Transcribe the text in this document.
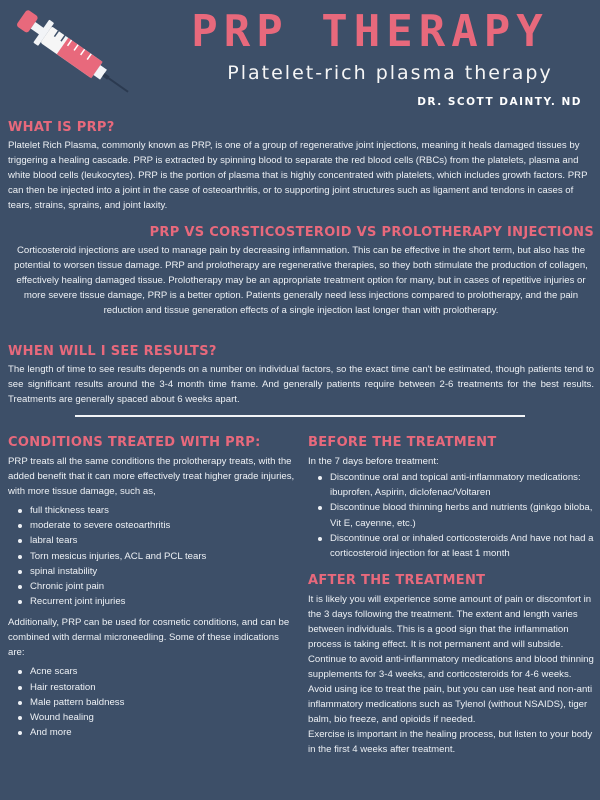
PRP THERAPY
Platelet-rich plasma therapy
DR. SCOTT DAINTY. ND
WHAT IS PRP?
Platelet Rich Plasma, commonly known as PRP, is one of a group of regenerative joint injections, meaning it heals damaged tissues by triggering a healing cascade. PRP is extracted by spinning blood to separate the red blood cells (RBCs) from the platelets, plasma and white blood cells (leukocytes). PRP is the portion of plasma that is highly concentrated with platelets, which includes growth factors. PRP can then be injected into a joint in the case of osteoarthritis, or to supporting joint structures such as ligament and tendons in cases of tears, strains, sprains, and joint laxity.
PRP VS CORSTICOSTEROID VS PROLOTHERAPY INJECTIONS
Corticosteroid injections are used to manage pain by decreasing inflammation. This can be effective in the short term, but also has the potential to worsen tissue damage. PRP and prolotherapy are regenerative therapies, so they both stimulate the production of collagen, effectively healing damaged tissue. Prolotherapy may be an appropriate treatment option for many, but in cases of repetitive injuries or more severe tissue damage, PRP is a better option. Patients generally need less injections compared to prolotherapy, and the pain reduction and tissue generation effects of a single injection last longer than with prolotherapy.
WHEN WILL I SEE RESULTS?
The length of time to see results depends on a number on individual factors, so the exact time can't be estimated, though patients tend to see significant results around the 3-4 month time frame. And generally patients require between 2-6 treatments for the best results. Treatments are generally spaced about 6 weeks apart.
CONDITIONS TREATED WITH PRP:
PRP treats all the same conditions the prolotherapy treats, with the added benefit that it can more effectively treat higher grade injuries, with more tissue damage, such as,
full thickness tears
moderate to severe osteoarthritis
labral tears
Torn mesicus injuries, ACL and PCL tears
spinal instability
Chronic joint pain
Recurrent joint injuries
Additionally, PRP can be used for cosmetic conditions, and can be combined with dermal microneedling. Some of these indications are:
Acne scars
Hair restoration
Male pattern baldness
Wound healing
And more
BEFORE THE TREATMENT
In the 7 days before treatment:
Discontinue oral and topical anti-inflammatory medications: ibuprofen, Aspirin, diclofenac/Voltaren
Discontinue blood thinning herbs and nutrients (ginkgo biloba, Vit E, cayenne, etc.)
Discontinue oral or inhaled corticosteroids And have not had a corticosteroid injection for at least 1 month
AFTER THE TREATMENT
It is likely you will experience some amount of pain or discomfort in the 3 days following the treatment. The extent and length varies between individuals. This is a good sign that the inflammation process is taking effect. It is not permanent and will subside.
Continue to avoid anti-inflammatory medications and blood thinning supplements for 3-4 weeks, and corticosteroids for 4-6 weeks.
Avoid using ice to treat the pain, but you can use heat and non-anti inflammatory medications such as Tylenol (without NSAIDS), tiger balm, bio freeze, and opioids if needed.
Exercise is important in the healing process, but listen to your body in the first 4 weeks after treatment.
